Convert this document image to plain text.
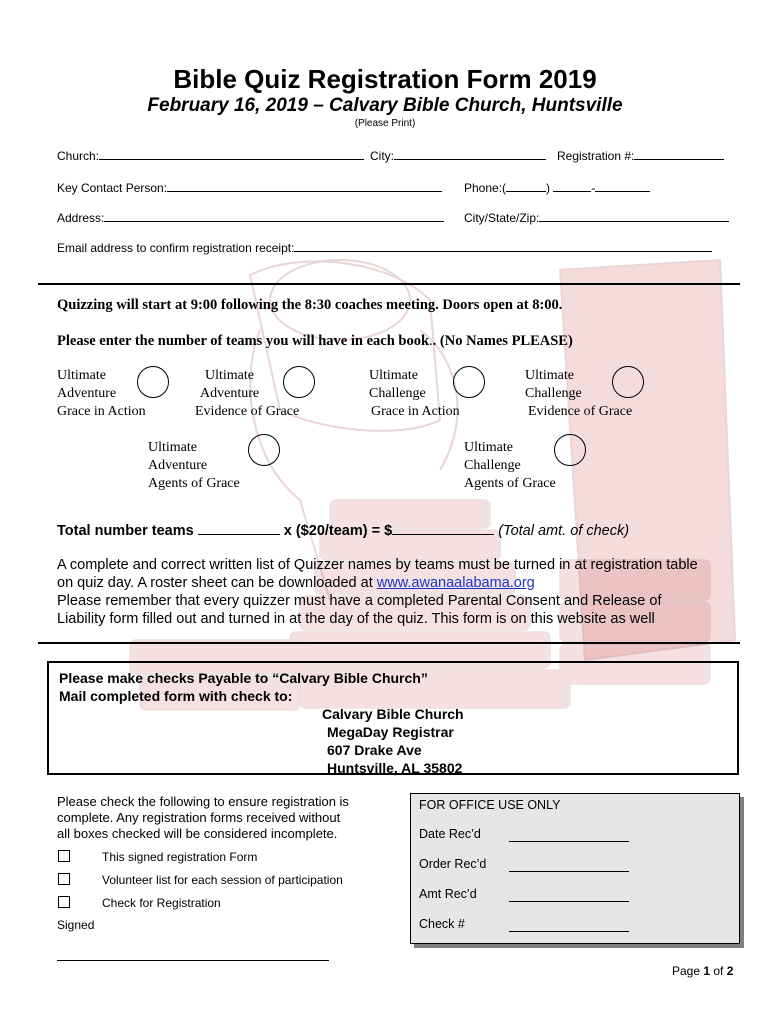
Bible Quiz Registration Form 2019
February 16, 2019 – Calvary Bible Church, Huntsville
(Please Print)
Church:	City:	Registration #:
Key Contact Person:	Phone:(	)	-
Address:	City/State/Zip:
Email address to confirm registration receipt:
Quizzing will start at 9:00 following the 8:30 coaches meeting. Doors open at 8:00.
Please enter the number of teams you will have in each book.. (No Names PLEASE)
Ultimate
Adventure
Grace in Action
Ultimate
Adventure
Evidence of Grace
Ultimate
Challenge
Grace in Action
Ultimate
Challenge
Evidence of Grace
Ultimate
Adventure
Agents of Grace
Ultimate
Challenge
Agents of Grace
Total number teams	x ($20/team) = $	(Total amt. of check)
A complete and correct written list of Quizzer names by teams must be turned in at registration table
on quiz day. A roster sheet can be downloaded at www.awanaalabama.org
Please remember that every quizzer must have a completed Parental Consent and Release of
Liability form filled out and turned in at the day of the quiz. This form is on this website as well
Please make checks Payable to “Calvary Bible Church”
Mail completed form with check to:
Calvary Bible Church
MegaDay Registrar
607 Drake Ave
Huntsville, AL 35802
Please check the following to ensure registration is
complete. Any registration forms received without
all boxes checked will be considered incomplete.
This signed registration Form
Volunteer list for each session of participation
Check for Registration
Signed
FOR OFFICE USE ONLY
Date Rec’d
Order Rec’d
Amt Rec’d
Check #
Page 1 of 2
